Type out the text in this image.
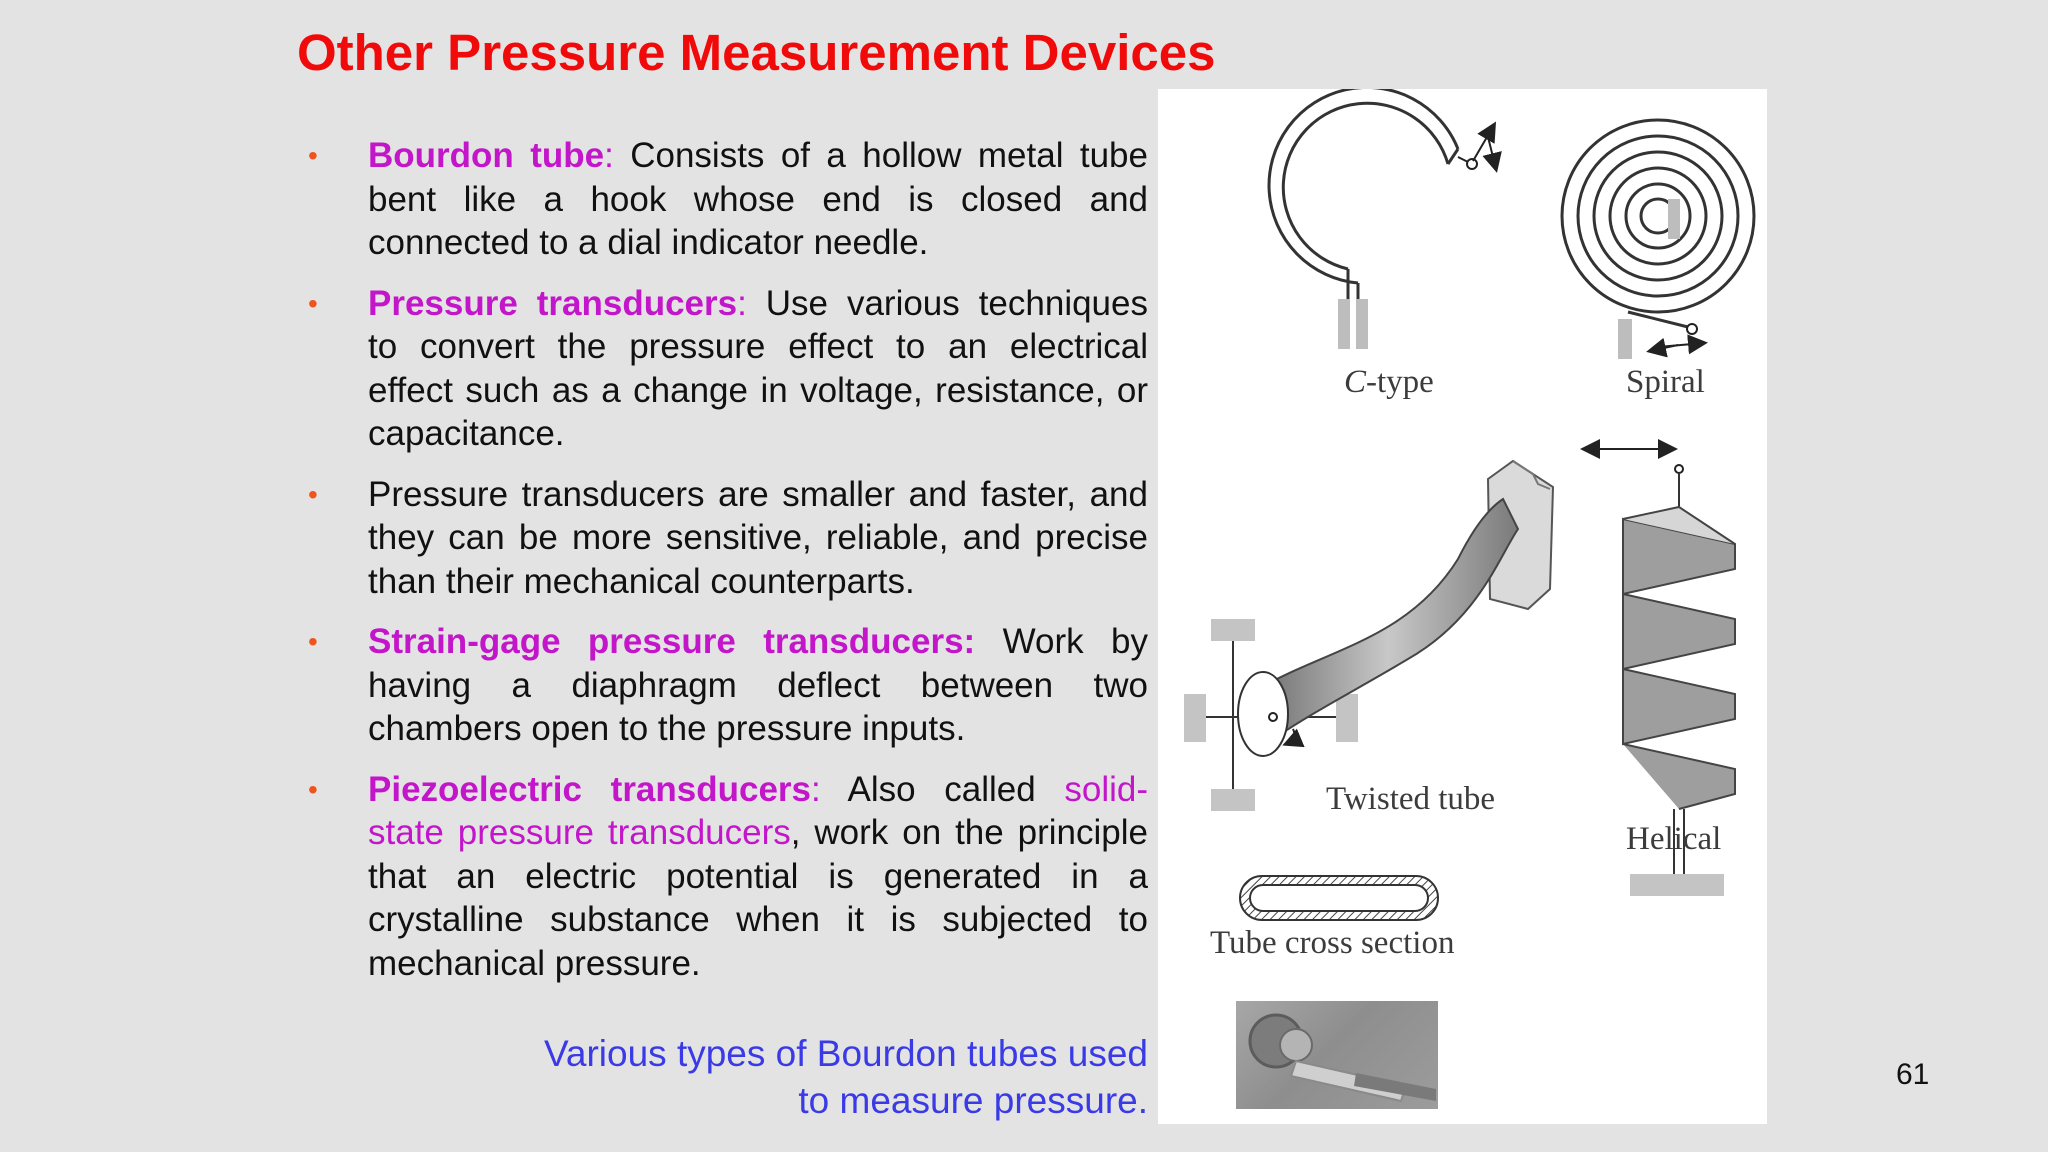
Other Pressure Measurement Devices
• Bourdon tube: Consists of a hollow metal tube bent like a hook whose end is closed and connected to a dial indicator needle.
• Pressure transducers: Use various techniques to convert the pressure effect to an electrical effect such as a change in voltage, resistance, or capacitance.
• Pressure transducers are smaller and faster, and they can be more sensitive, reliable, and precise than their mechanical counterparts.
• Strain-gage pressure transducers: Work by having a diaphragm deflect between two chambers open to the pressure inputs.
• Piezoelectric transducers: Also called solid-state pressure transducers, work on the principle that an electric potential is generated in a crystalline substance when it is subjected to mechanical pressure.
Various types of Bourdon tubes used
to measure pressure.
C-type	Spiral
Twisted tube
Helical
Tube cross section
61
